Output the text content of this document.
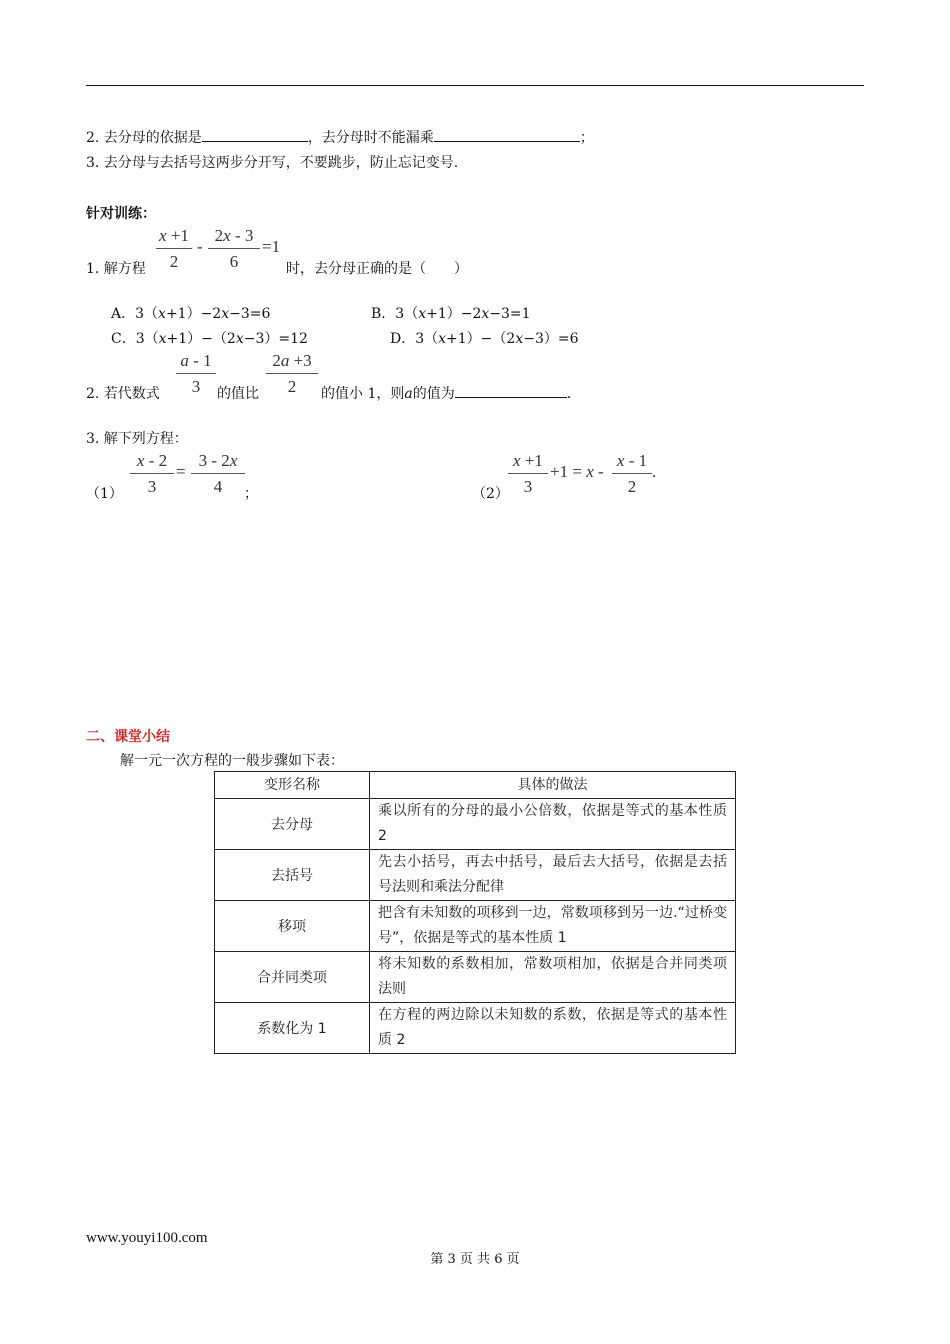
2. 去分母的依据是	，去分母时不能漏乘	；
3. 去分母与去括号这两步分开写，不要跳步，防止忘记变号.
针对训练：
1. 解方程
x +1
2
-
2x - 3
6
=1
时，去分母正确的是（　　）
A．3（x+1）−2x−3=6	B．3（x+1）−2x−3=1
C．3（x+1）−（2x−3）=12	D．3（x+1）−（2x−3）=6
2. 若代数式
a - 1
3	的值比
2a +3
2	的值小 1，则a的值为	.
3. 解下列方程：
（1）
x - 2
3
=
3 - 2x
4	；	（2）
x +1
3
+1 = x -
x - 1
2
.
二、课堂小结
解一元一次方程的一般步骤如下表：
变形名称	具体的做法
去分母	乘以所有的分母的最小公倍数，依据是等式的基本性质 2
去括号	先去小括号，再去中括号，最后去大括号，依据是去括号法则和乘法分配律
移项	把含有未知数的项移到一边，常数项移到另一边.“过桥变号”，依据是等式的基本性质 1
合并同类项	将未知数的系数相加，常数项相加，依据是合并同类项法则
系数化为 1	在方程的两边除以未知数的系数，依据是等式的基本性质 2
www.youyi100.com
第 3 页 共 6 页
